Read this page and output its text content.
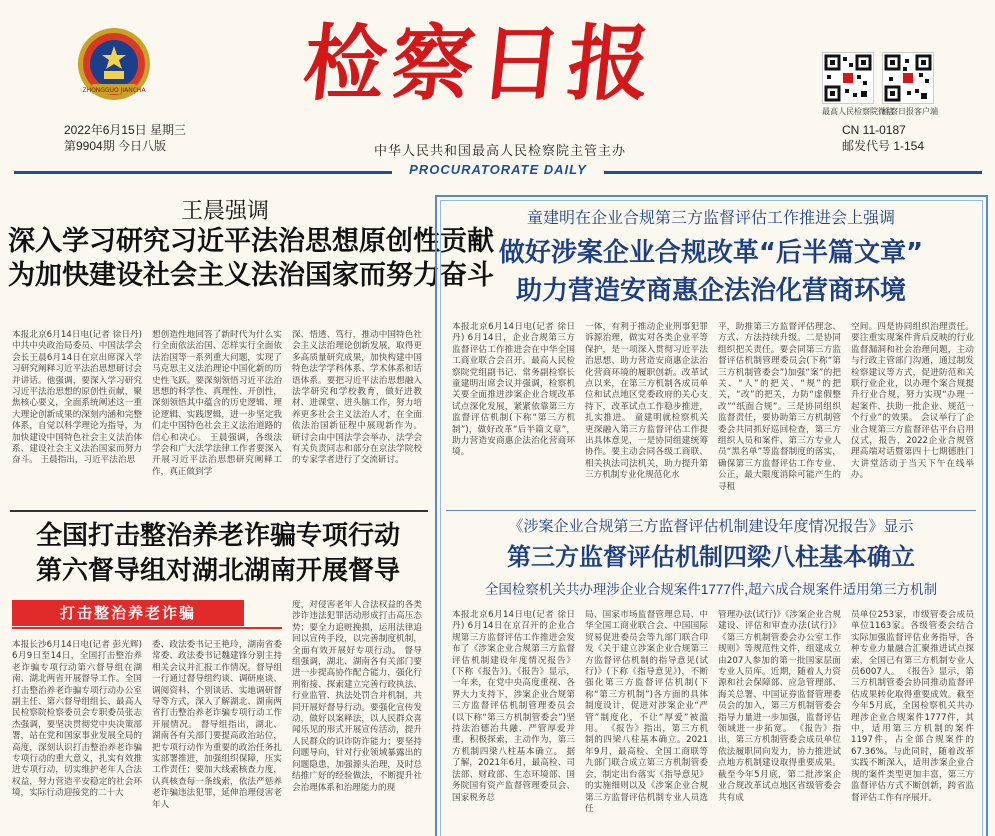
ZHONGGUO JIANCHA 检察日报
2022年6月15日 星期三
第9904期 今日八版	中华人民共和国最高人民检察院主管主办
最高人民检察院微信
检察日报客户端
CN 11-0187
邮发代号 1-154
PROCURATORATE DAILY
王晨强调
深入学习研究习近平法治思想原创性贡献
为加快建设社会主义法治国家而努力奋斗
本报北京6月14日电(记者 徐日丹) 中共中央政治局委员、中国法学会会长王晨6月14日在京出席深入学习研究阐释习近平法治思想研讨会并讲话。他强调，要深入学习研究习近平法治思想的原创性贡献，聚焦核心要义，全面系统阐述这一重大理论创新成果的深刻内涵和完整体系，自觉以科学理论为指导，为加快建设中国特色社会主义法治体系、建设社会主义法治国家而努力奋斗。 王晨指出，习近平法治思
想创造性地回答了新时代为什么实行全面依法治国、怎样实行全面依法治国等一系列重大问题，实现了马克思主义法治理论中国化新的历史性飞跃。要深刻领悟习近平法治思想的科学性、真理性、开创性，深刻领悟其中蕴含的历史逻辑、理论逻辑、实践逻辑，进一步坚定我们走中国特色社会主义法治道路的信心和决心。 王晨强调，各级法学会和广大法学法律工作者要深入开展习近平法治思想研究阐释工作，真正做到学
深、悟透、笃行，推动中国特色社会主义法治理论创新发展，取得更多高质量研究成果，加快构建中国特色法学学科体系、学术体系和话语体系。要把习近平法治思想融入法学研究和学校教育，做好进教材、进课堂、进头脑工作，努力培养更多社会主义法治人才，在全面依法治国新征程中展现新作为。 研讨会由中国法学会举办，法学会有关负责同志和部分在京法学院校的专家学者进行了交流研讨。
全国打击整治养老诈骗专项行动
第六督导组对湖北湖南开展督导
打击整治养老诈骗
本报长沙6月14日电(记者 彭光辉) 6月9日至14日，全国打击整治养老诈骗专项行动第六督导组在湖南、湖北两省开展督导工作。全国打击整治养老诈骗专项行动办公室副主任、第六督导组组长、最高人民检察院检察委员会专职委员张志杰强调，要坚决贯彻党中央决策部署，站在党和国家事业发展全局的高度，深刻认识打击整治养老诈骗专项行动的重大意义，扎实有效推进专项行动，切实维护老年人合法权益，努力营造平安稳定的社会环境，实际行动迎接党的二十大
委、政法委书记王艳玲，湖南省委常委、政法委书记魏建锋分别主持相关会议并汇报工作情况。督导组一行通过督导组约谈、调研座谈、调阅资料、个别谈话、实地调研督导等方式，深入了解湖北、湖南两省打击整治养老诈骗专项行动工作开展情况。 督导组指出，湖北、湖南各有关部门要提高政治站位，把专项行动作为重要的政治任务扎实部署推进，加强组织保障，压实工作责任；要加大线索核查力度，认真核查每一条线索，依法严惩养老诈骗违法犯罪，延伸治理侵害老年人
度，对侵害老年人合法权益的各类涉诈违法犯罪活动形成打击高压态势；要全力追赃挽损，运用法律追回以宣传手段，以完善制度机制，全面有效开展好专项行动。 督导组强调，湖北、湖南各有关部门要进一步提高协作配合能力，强化行刑衔接、探索建立完善行政执法、行业监管、执法处罚合并机制，共同开展好督导行动。要强化宣传发动，做好以案释法，以人民群众喜闻乐见的形式开展宣传活动，提升人民群众的识诈防诈能力；要坚持问题导向，针对行业领域暴露出的问题隐患，加强源头治理，及时总结推广好的经验做法，不断提升社会治理体系和治理能力的现
童建明在企业合规第三方监督评估工作推进会上强调
做好涉案企业合规改革“后半篇文章”
助力营造安商惠企法治化营商环境
本报北京6月14日电(记者 徐日丹) 6月14日，企业合规第三方监督评估工作推进会在中华全国工商业联合会召开。最高人民检察院党组副书记、常务副检察长童建明出席会议并强调，检察机关要全面推进涉案企业合规改革试点深化发展，紧紧依靠第三方监督评估机制(下称“第三方机制”)，做好改革“后半篇文章”，助力营造安商惠企法治化营商环境。
一体，有利于推动企业刑事犯罪诉源治理，做实对各类企业平等保护，是一项深入贯彻习近平法治思想、助力营造安商惠企法治化营商环境的履职创新。改革试点以来，在第三方机制各成员单位和试点地区党委政府的关心支持下，改革试点工作稳步推进，扎实推进。 童建明就检察机关更深融入第三方监督评估工作提出具体意见，一是协同组建统筹协作。要主动会同各级工商联、相关执法司法机关，助力提升第三方机制专业化规范化水
平，助推第三方监督评估理念、方式、方法持续升级。二是协同组织把关责任。要会同第三方监督评估机制管理委员会(下称“第三方机制管委会”)加强“案”的把关、“人”的把关、“规”的把关，“改”的把关，力防“虚假整改”“纸面合规”。三是协同组织监督责任，要协助第三方机制管委会共同抓好巡回检查，第三方组织人员和案件、第三方专业人员“黑名单”等监督制度的落实，确保第三方监督评估工作专业、公正，最大限度消除可能产生的寻租
空间。四是协同组织治理责任。要注重实现案件背后反映的行业监督漏洞和社会治理问题，主动与行政主管部门沟通，通过制发检察建议等方式，促进防范和关联行业企业，以办理个案合规提升行业合规，努力实现“办理一起案件、扶助一批企业、规范一个行业”的效果。 会议举行了企业合规第三方监督评估平台启用仪式，报告，2022企业合规管理高端对话暨第四十七期德胜门大讲堂活动于当天下午在线举办。
《涉案企业合规第三方监督评估机制建设年度情况报告》显示
第三方监督评估机制四梁八柱基本确立
全国检察机关共办理涉企业合规案件1777件,超六成合规案件适用第三方机制
本报北京6月14日电(记者 徐日丹) 6月14日在京召开的企业合规第三方监督评估工作推进会发布了《涉案企业合规第三方监督评估机制建设年度情况报告》(下称《报告》)。《报告》显示，一年来，在党中央高度重视、各界大力支持下，涉案企业合规第三方监督评估机制管理委员会(以下称“第三方机制管委会”)坚持法治德治共融、严管厚爱并重，积极探索，主动作为，第三方机制四梁八柱基本确立。 据了解，2021年6月，最高检、司法部、财政部、生态环境部、国务院国有资产监督管理委员会、国家税务总
局、国家市场监督管理总局、中华全国工商业联合会、中国国际贸易促进委员会等九部门联合印发《关于建立涉案企业合规第三方监督评估机制的指导意见(试行)》(下称《指导意见》)，不断强化第三方监督评估机制(下称“第三方机制”)各方面的具体制度设计，促进对涉案企业“严管”制度化，不让“厚爱”被滥用。 《报告》指出，第三方机制的四梁八柱基本确立。2021年9月，最高检、全国工商联等九部门联合成立第三方机制管委会，制定出台落实《指导意见》的实施细则以及《涉案企业合规第三方监督评估机制专业人员选任
管理办法(试行)》《涉案企业合规建设、评估和审查办法(试行)》《第三方机制管委会办公室工作规则》等规范性文件，组建成立由207人参加的第一批国家层面专业人员库。近期，随着人力资源和社会保障部、应急管理部、海关总署、中国证券监督管理委员会的加入，第三方机制管委会指导力量进一步加强，监督评估领域进一步拓宽。 《报告》指出，第三方机制管委会成员单位依法履职同向发力，协力推进试点地方机制建设取得重要成果。截至今年5月底，第二批涉案企业合规改革试点地区省级管委会共有成
员单位253家，市级管委会成员单位1163家。各级管委会结合实际加强监督评估业务指导，各种专业力量融合汇聚推进试点探索，全国已有第三方机制专业人员6007人。 《报告》显示，第三方机制管委会协同推动监督评估成果转化取得重要成效。截至今年5月底，全国检察机关共办理涉企业合规案件1777件，其中，适用第三方机制的案件1197件，占全部合规案件的67.36%。与此同时，随着改革实践不断深入，适用涉案企业合规的案件类型更加丰富，第三方监督评估方式不断创新，跨省监督评估工作有序展开。
